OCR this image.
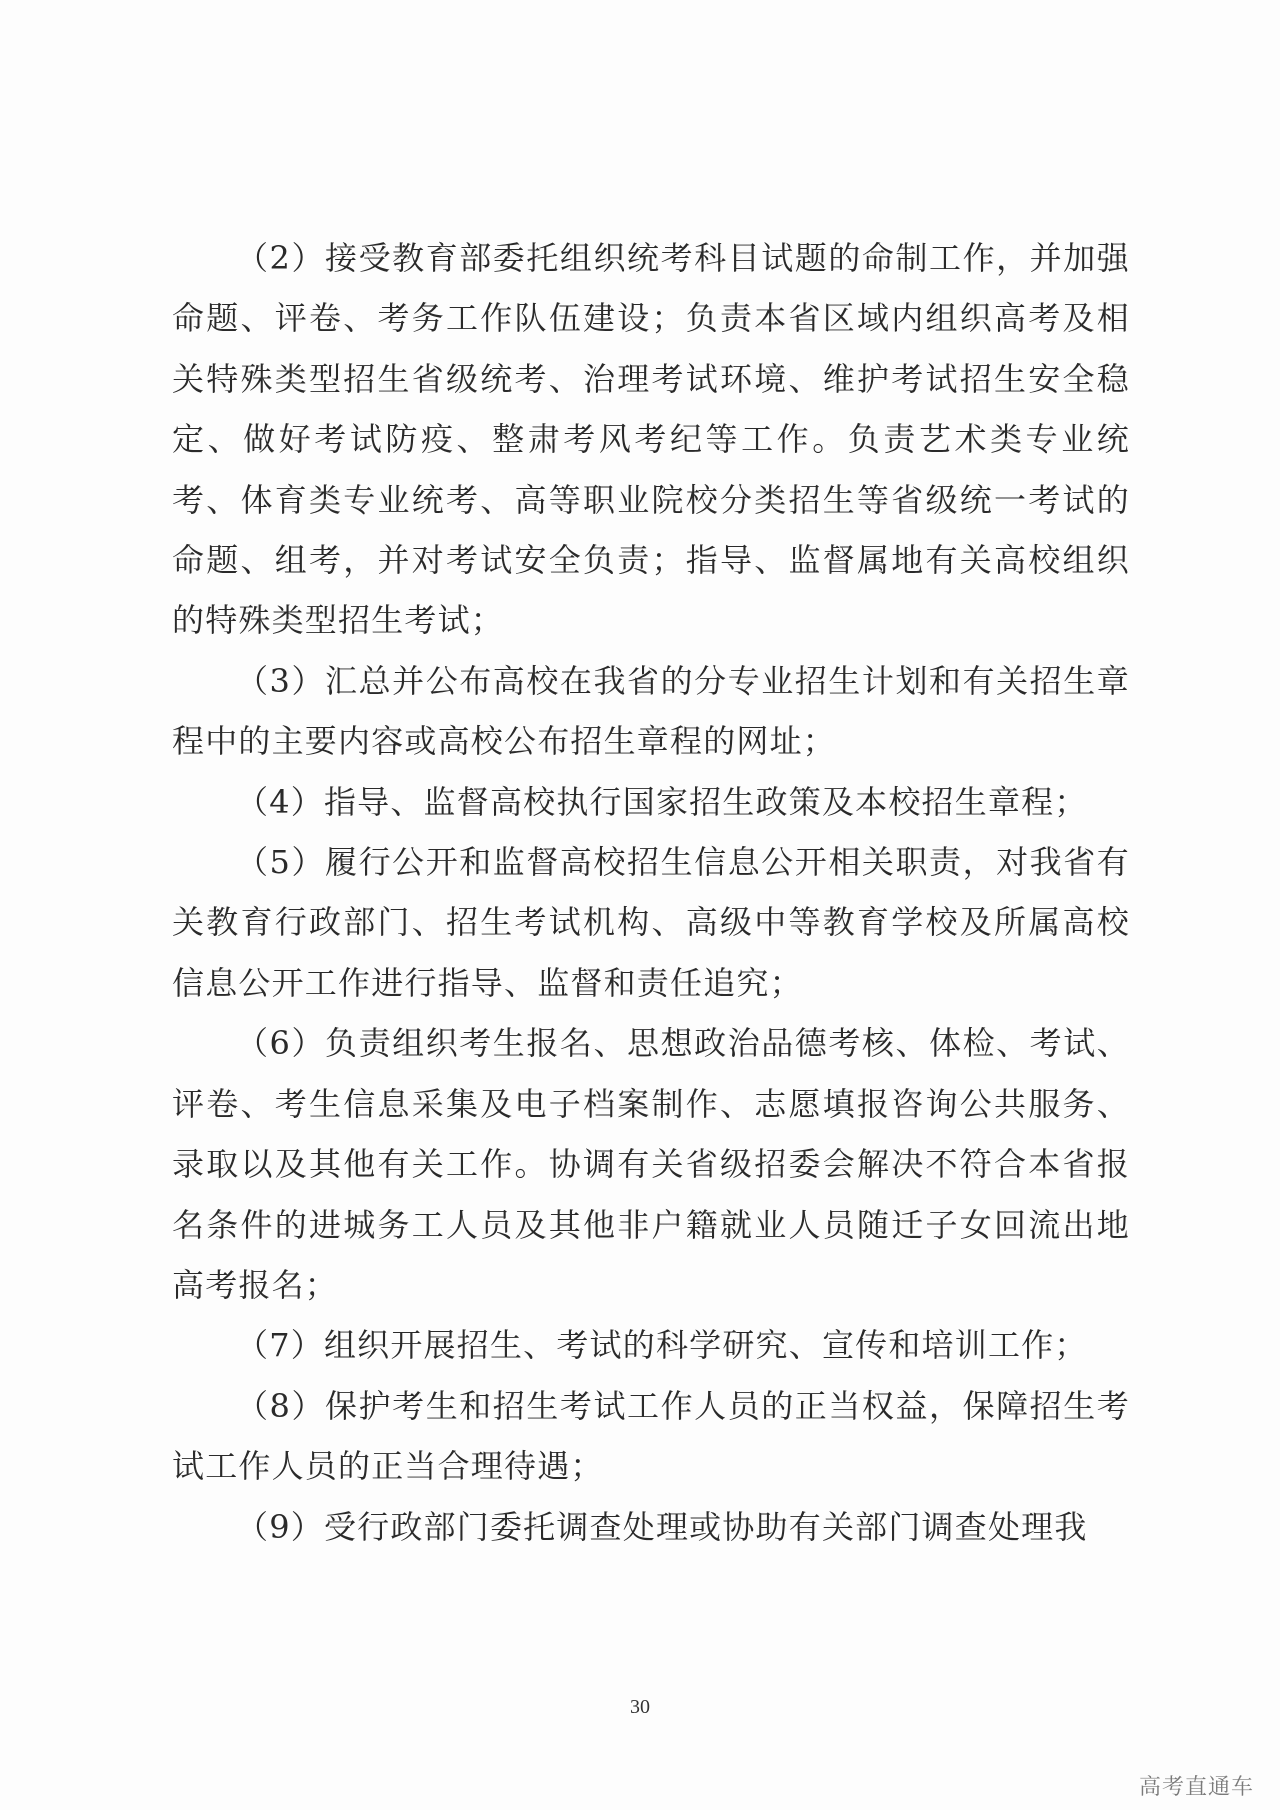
（2）接受教育部委托组织统考科目试题的命制工作，并加强命题、评卷、考务工作队伍建设；负责本省区域内组织高考及相关特殊类型招生省级统考、治理考试环境、维护考试招生安全稳定、做好考试防疫、整肃考风考纪等工作。负责艺术类专业统考、体育类专业统考、高等职业院校分类招生等省级统一考试的命题、组考，并对考试安全负责；指导、监督属地有关高校组织的特殊类型招生考试；

（3）汇总并公布高校在我省的分专业招生计划和有关招生章程中的主要内容或高校公布招生章程的网址；

（4）指导、监督高校执行国家招生政策及本校招生章程；

（5）履行公开和监督高校招生信息公开相关职责，对我省有关教育行政部门、招生考试机构、高级中等教育学校及所属高校信息公开工作进行指导、监督和责任追究；

（6）负责组织考生报名、思想政治品德考核、体检、考试、评卷、考生信息采集及电子档案制作、志愿填报咨询公共服务、录取以及其他有关工作。协调有关省级招委会解决不符合本省报名条件的进城务工人员及其他非户籍就业人员随迁子女回流出地高考报名；

（7）组织开展招生、考试的科学研究、宣传和培训工作；

（8）保护考生和招生考试工作人员的正当权益，保障招生考试工作人员的正当合理待遇；

（9）受行政部门委托调查处理或协助有关部门调查处理我

30
高考直通车
